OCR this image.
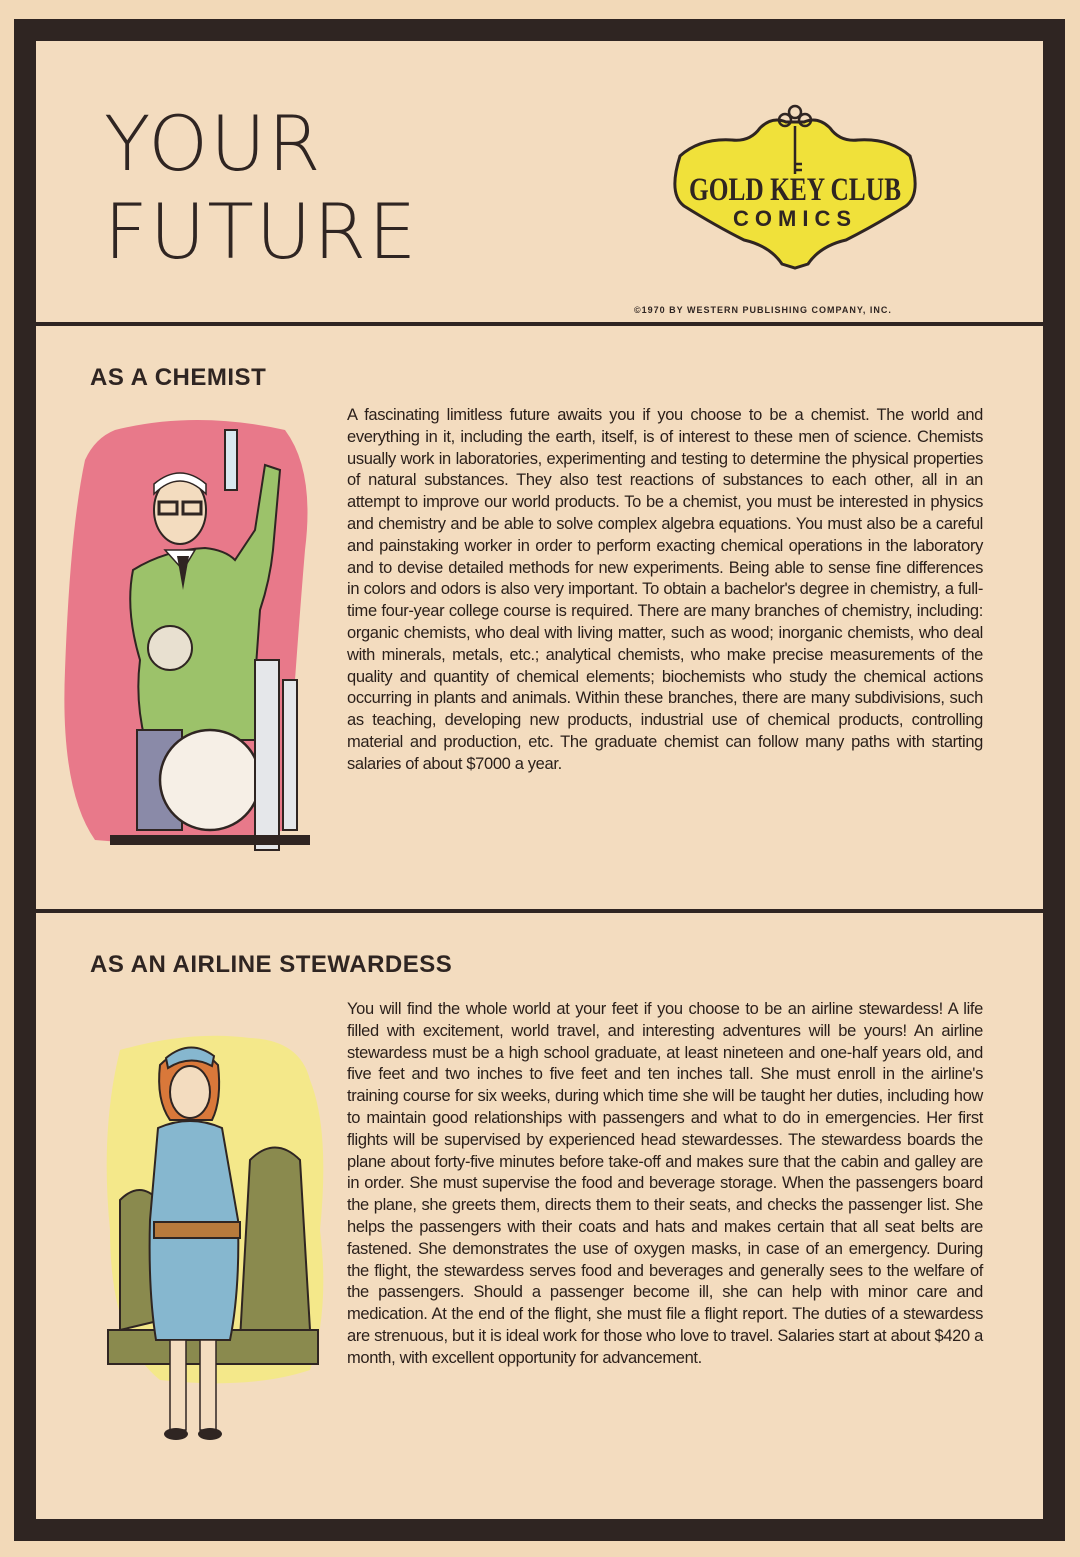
YOUR
FUTURE	GOLD KEY CLUB
COMICS

©1970 BY WESTERN PUBLISHING COMPANY, INC.

AS A CHEMIST

A fascinating limitless future awaits you if you choose to be a chemist. The world and everything in it, including the earth, itself, is of interest to these men of science. Chemists usually work in laboratories, experimenting and testing to determine the physical properties of natural substances. They also test reactions of substances to each other, all in an attempt to improve our world products. To be a chemist, you must be interested in physics and chemistry and be able to solve complex algebra equations. You must also be a careful and painstaking worker in order to perform exacting chemical operations in the laboratory and to devise detailed methods for new experiments. Being able to sense fine differences in colors and odors is also very important. To obtain a bachelor's degree in chemistry, a full-time four-year college course is required. There are many branches of chemistry, including: organic chemists, who deal with living matter, such as wood; inorganic chemists, who deal with minerals, metals, etc.; analytical chemists, who make precise measurements of the quality and quantity of chemical elements; biochemists who study the chemical actions occurring in plants and animals. Within these branches, there are many subdivisions, such as teaching, developing new products, industrial use of chemical products, controlling material and production, etc. The graduate chemist can follow many paths with starting salaries of about $7000 a year.

AS AN AIRLINE STEWARDESS

You will find the whole world at your feet if you choose to be an airline stewardess! A life filled with excitement, world travel, and interesting adventures will be yours! An airline stewardess must be a high school graduate, at least nineteen and one-half years old, and five feet and two inches to five feet and ten inches tall. She must enroll in the airline's training course for six weeks, during which time she will be taught her duties, including how to maintain good relationships with passengers and what to do in emergencies. Her first flights will be supervised by experienced head stewardesses. The stewardess boards the plane about forty-five minutes before take-off and makes sure that the cabin and galley are in order. She must supervise the food and beverage storage. When the passengers board the plane, she greets them, directs them to their seats, and checks the passenger list. She helps the passengers with their coats and hats and makes certain that all seat belts are fastened. She demonstrates the use of oxygen masks, in case of an emergency. During the flight, the stewardess serves food and beverages and generally sees to the welfare of the passengers. Should a passenger become ill, she can help with minor care and medication. At the end of the flight, she must file a flight report. The duties of a stewardess are strenuous, but it is ideal work for those who love to travel. Salaries start at about $420 a month, with excellent opportunity for advancement.
